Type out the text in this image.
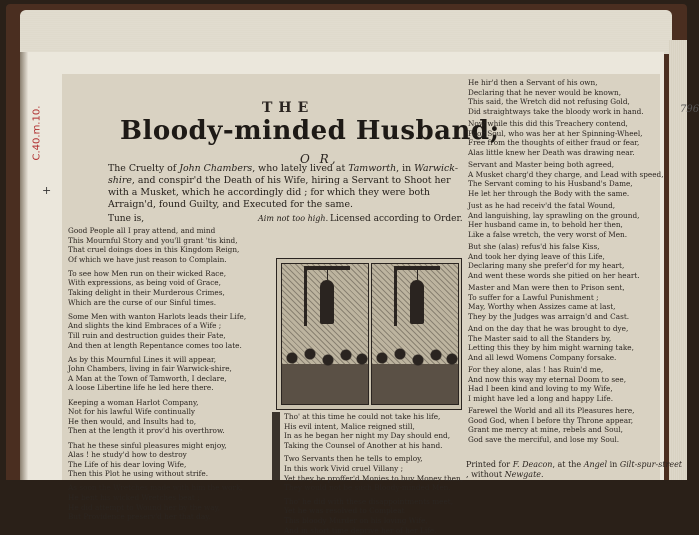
C.40.m.10.
+
796
THE
Bloody-minded Husband;
O R,
The Cruelty of John Chambers, who lately lived at Tamworth, in Warwick-shire, and conspir'd the Death of his Wife, hiring a Servant to Shoot her with a Musket, which he accordingly did ; for which they were both Arraign'd, found Guilty, and Executed for the same.
Tune is,	Aim not too high. Licensed according to Order.
Good People all I pray attend, and mind
This Mournful Story and you'll grant 'tis kind,
That cruel doings does in this Kingdom Reign,
Of which we have just reason to Complain.
To see how Men run on their wicked Race,
With expressions, as being void of Grace,
Taking delight in their Murderous Crimes,
Which are the curse of our Sinful times.
Some Men with wanton Harlots leads their Life,
And slights the kind Embraces of a Wife ;
Till ruin and destruction guides their Fate,
And then at length Repentance comes too late.
As by this Mournful Lines it will appear,
John Chambers, living in fair Warwick-shire,
A Man at the Town of Tamworth, I declare,
A loose Libertine life he led here there.
Keeping a woman Harlot Company,
Not for his lawful Wife continually
He then would, and Insults had to,
Then at the length it prov'd his overthrow.
That he these sinful pleasures might enjoy,
Alas ! he study'd how to destroy
The Life of his dear loving Wife,
Then this Plot he using without strife.
As soon the Wretches made with him the work,
He bent his wicked Wretches beat ;
He did attempt to Wound her by the way,
But Providence preserv'd her that day.
Tho' at this time he could not take his life,
His evil intent, Malice reigned still,
In as he began her night my Day should end,
Taking the Counsel of Another at his hand.
Two Servants then he tells to employ,
In this work Vivid cruel Villany ;
Yet they be proffer'd Monies to buy Money then,
They would not be such Bloody-minded Men.
Tho' he did with these disappointments meet,
Yet he was resolved to Compleat
This bloody Murder on his loving Wife,
And in short time deprive her of her Life.
He hir'd then a Servant of his own,
Declaring that he never would be known,
This said, the Wretch did not refusing Gold,
Did straightways take the bloody work in hand.
Now while this did this Treachery contend,
Poor Soul, who was her at her Spinning-Wheel,
Free from the thoughts of either fraud or fear,
Alas little knew her Death was drawing near.
Servant and Master being both agreed,
A Musket charg'd they charge, and Lead with speed,
The Servant coming to his Husband's Dame,
He let her through the Body with the same.
Just as he had receiv'd the fatal Wound,
And languishing, lay sprawling on the ground,
Her husband came in, to behold her then,
Like a false wretch, the very worst of Men.
But she (alas) refus'd his false Kiss,
And took her dying leave of this Life,
Declaring many she prefer'd for my heart,
And went these words she pitied on her heart.
Master and Man were then to Prison sent,
To suffer for a Lawful Punishment ;
May, Worthy when Assizes came at last,
They by the Judges was arraign'd and Cast.
And on the day that he was brought to dye,
The Master said to all the Standers by,
Letting this they by him might warning take,
And all lewd Womens Company forsake.
For they alone, alas ! has Ruin'd me,
And now this way my eternal Doom to see,
Had I been kind and loving to my Wife,
I might have led a long and happy Life.
Farewel the World and all its Pleasures here,
Good God, when I before thy Throne appear,
Grant me mercy at mine, rebels and Soul,
God save the merciful, and lose my Soul.
Printed for F. Deacon, at the Angel in Gilt-spur-street
, without Newgate.
